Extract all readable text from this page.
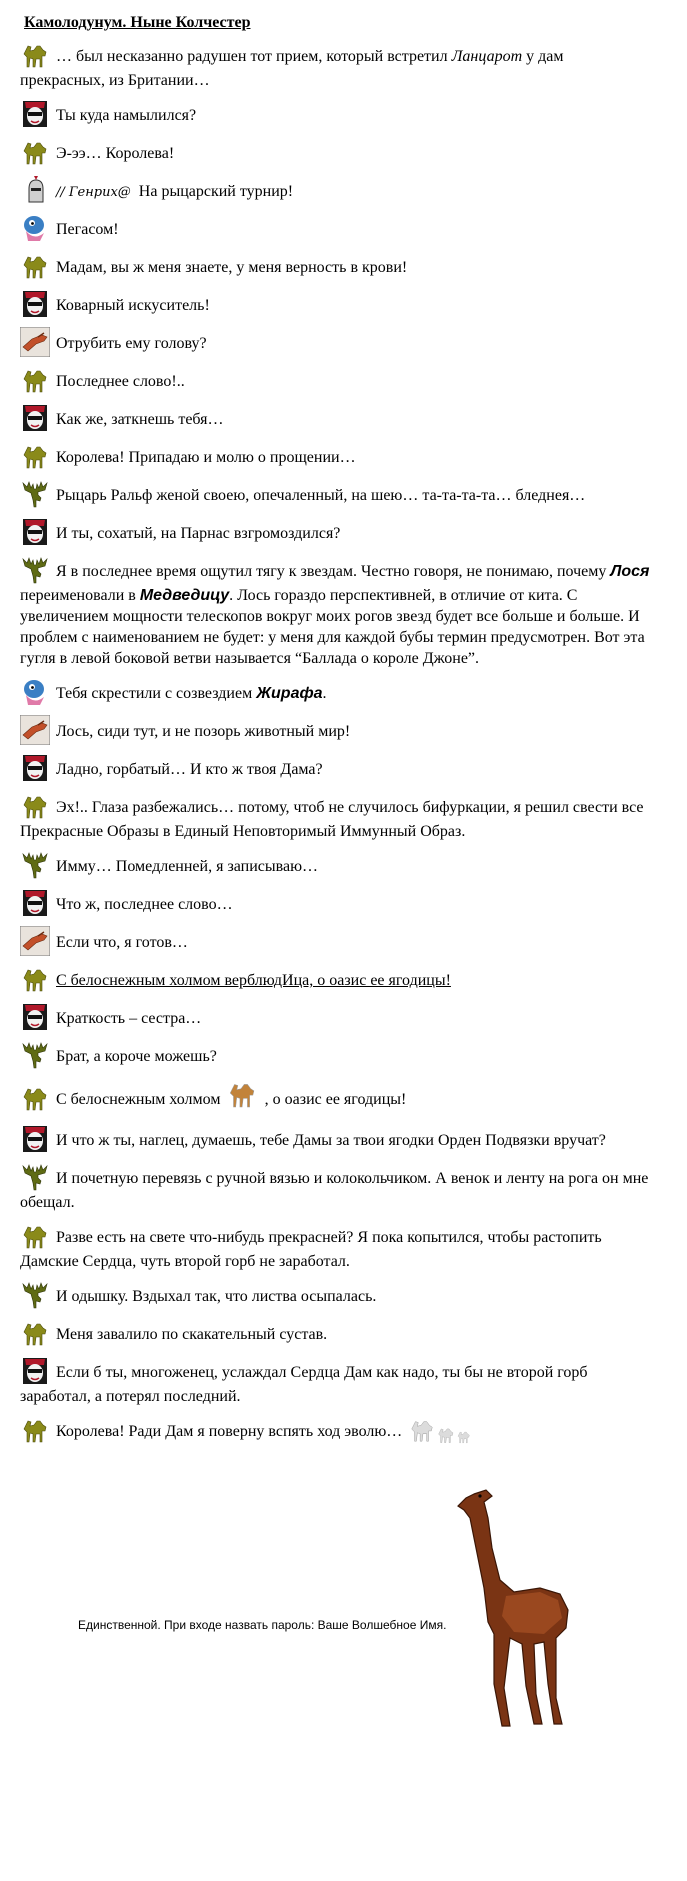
Камолодунум. Ныне Колчестер
… был несказанно радушен тот прием, который встретил Ланцарот у дам прекрасных, из Британии…
Ты куда намылился?
Э-ээ… Королева!
// Генрих@ На рыцарский турнир!
Пегасом!
Мадам, вы ж меня знаете, у меня верность в крови!
Коварный искуситель!
Отрубить ему голову?
Последнее слово!..
Как же, заткнешь тебя…
Королева! Припадаю и молю о прощении…
Рыцарь Ральф женой своею, опечаленный, на шею… та-та-та-та… бледнея…
И ты, сохатый, на Парнас взгромоздился?
Я в последнее время ощутил тягу к звездам. Честно говоря, не понимаю, почему Лося переименовали в Медведицу. Лось гораздо перспективней, в отличие от кита. С увеличением мощности телескопов вокруг моих рогов звезд будет все больше и больше. И проблем с наименованием не будет: у меня для каждой бубы термин предусмотрен. Вот эта гугля в левой боковой ветви называется “Баллада о короле Джоне”.
Тебя скрестили с созвездием Жирафа.
Лось, сиди тут, и не позорь животный мир!
Ладно, горбатый… И кто ж твоя Дама?
Эх!.. Глаза разбежались… потому, чтоб не случилось бифуркации, я решил свести все Прекрасные Образы в Единый Неповторимый Иммунный Образ.
Имму… Помедленней, я записываю…
Что ж, последнее слово…
Если что, я готов…
С белоснежным холмом верблюдИца, о оазис ее ягодицы!
Краткость – сестра…
Брат, а короче можешь?
С белоснежным холмом	, о оазис ее ягодицы!
И что ж ты, наглец, думаешь, тебе Дамы за твои ягодки Орден Подвязки вручат?
И почетную перевязь с ручной вязью и колокольчиком. А венок и ленту на рога он мне обещал.
Разве есть на свете что-нибудь прекрасней? Я пока копытился, чтобы растопить Дамские Сердца, чуть второй горб не заработал.
И одышку. Вздыхал так, что листва осыпалась.
Меня завалило по скакательный сустав.
Если б ты, многоженец, услаждал Сердца Дам как надо, ты бы не второй горб заработал, а потерял последний.
Королева! Ради Дам я поверну вспять ход эволю…
Единственной. При входе назвать пароль: Ваше Волшебное Имя.
